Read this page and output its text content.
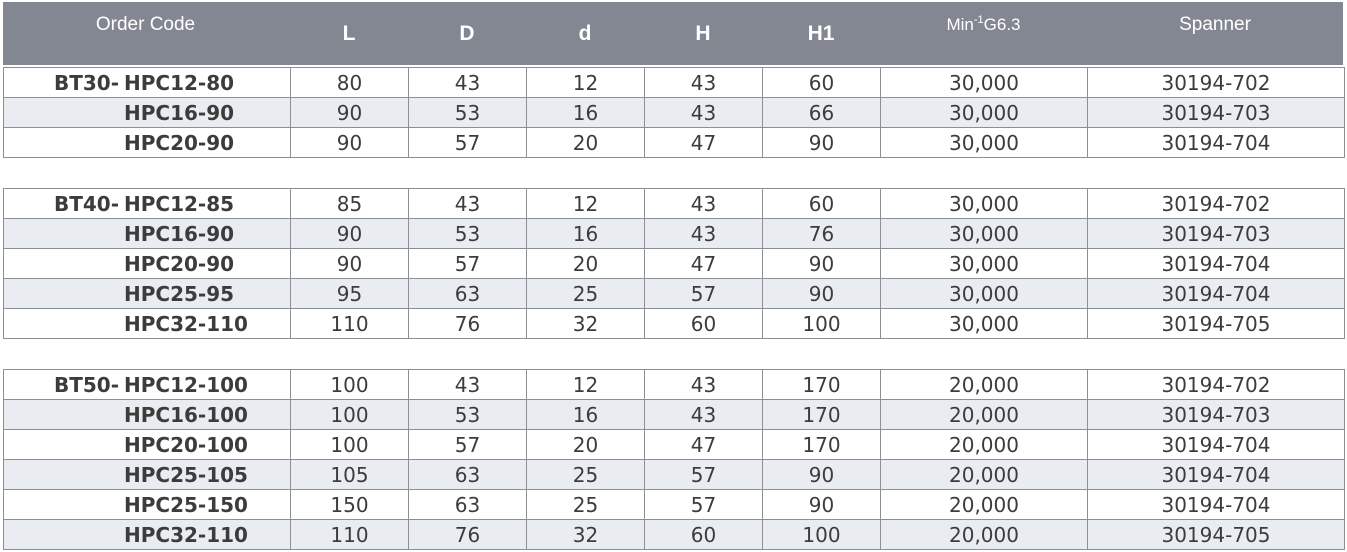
Order Code	L	D	d	H	H1	Min$^{-1}$G6.3	Spanner
BT30- HPC12-80	80	43	12	43	60	30,000	30194-702
HPC16-90	90	53	16	43	66	30,000	30194-703
HPC20-90	90	57	20	47	90	30,000	30194-704
BT40- HPC12-85	85	43	12	43	60	30,000	30194-702
HPC16-90	90	53	16	43	76	30,000	30194-703
HPC20-90	90	57	20	47	90	30,000	30194-704
HPC25-95	95	63	25	57	90	30,000	30194-704
HPC32-110	110	76	32	60	100	30,000	30194-705
BT50- HPC12-100	100	43	12	43	170	20,000	30194-702
HPC16-100	100	53	16	43	170	20,000	30194-703
HPC20-100	100	57	20	47	170	20,000	30194-704
HPC25-105	105	63	25	57	90	20,000	30194-704
HPC25-150	150	63	25	57	90	20,000	30194-704
HPC32-110	110	76	32	60	100	20,000	30194-705
